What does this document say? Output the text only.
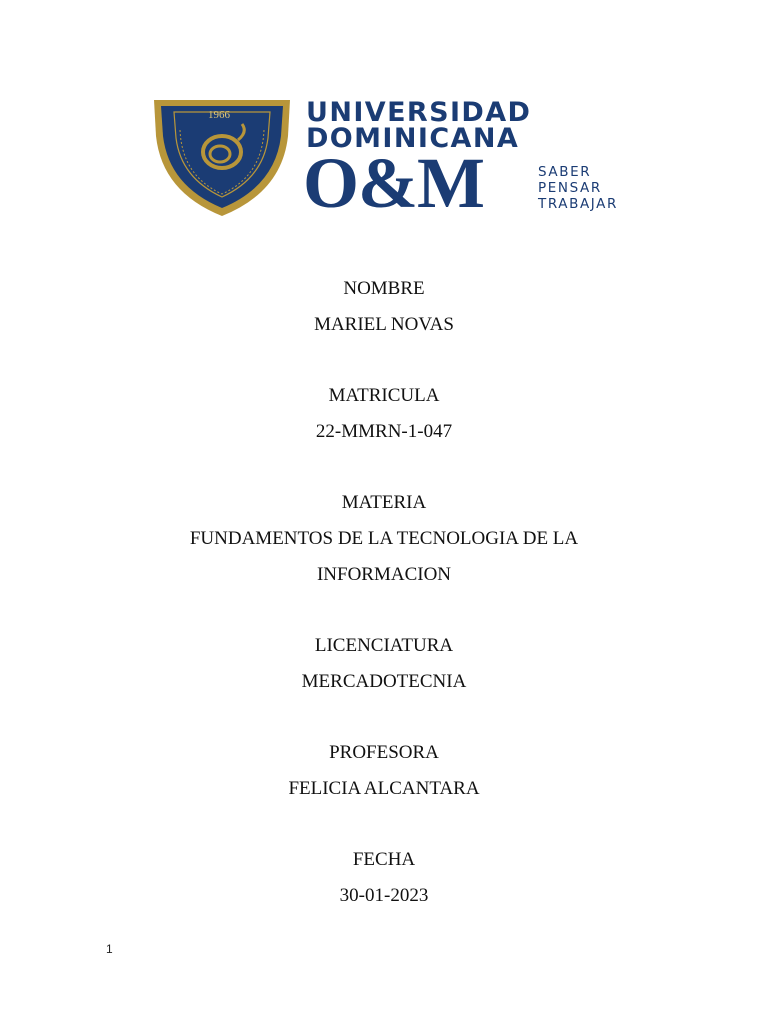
1966	UNIVERSIDAD
DOMINICANA
O&M	SABER
PENSAR
TRABAJAR
NOMBRE
MARIEL NOVAS
MATRICULA
22-MMRN-1-047
MATERIA
FUNDAMENTOS DE LA TECNOLOGIA DE LA INFORMACION
LICENCIATURA
MERCADOTECNIA
PROFESORA
FELICIA ALCANTARA
FECHA
30-01-2023
1
